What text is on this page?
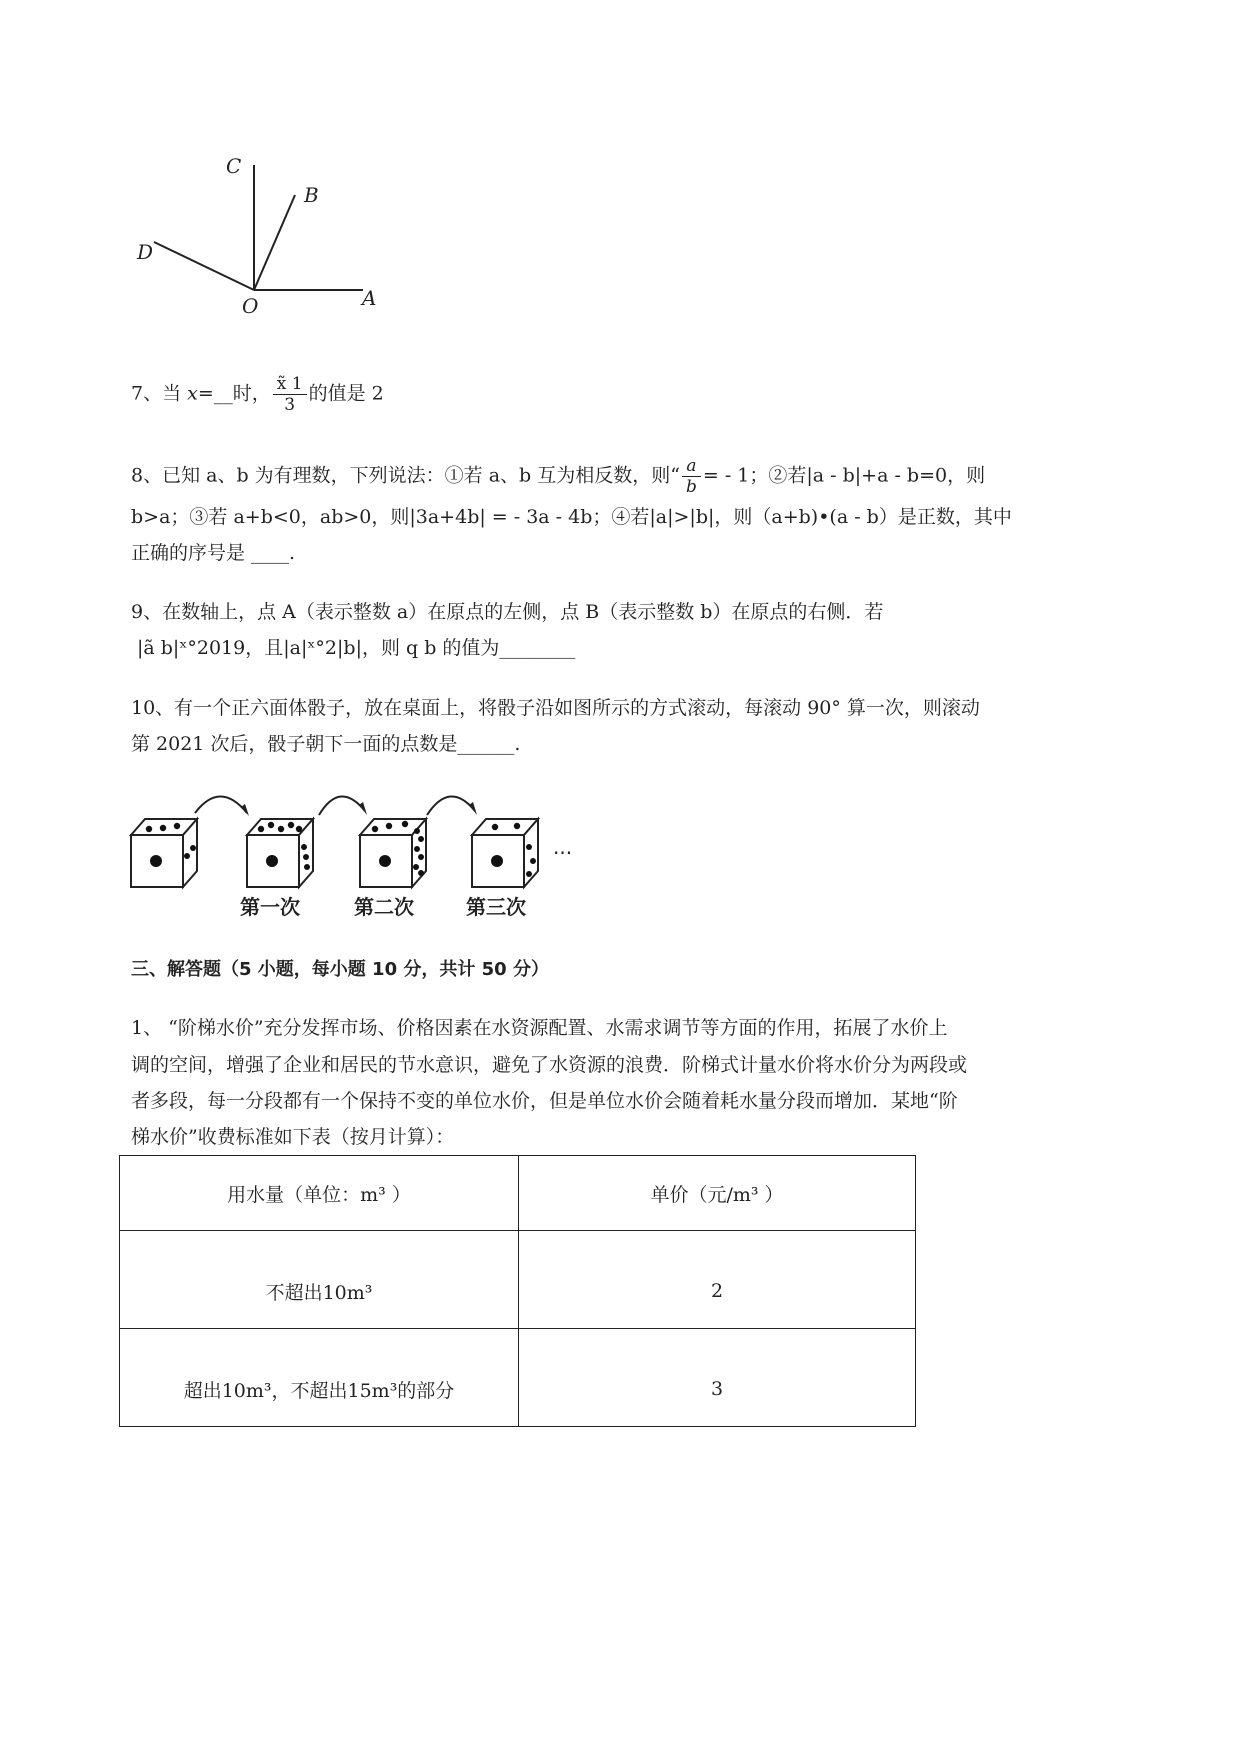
C
B
D
O	A
7、当 x=__时， $\frac{x̃ 1}{3}$ 的值是 2
8、已知 a、b 为有理数，下列说法：①若 a、b 互为相反数，则“ $\frac{a}{b}$ = - 1；②若|a - b|+a - b=0，则
b>a；③若 a+b<0，ab>0，则|3a+4b| = - 3a - 4b；④若|a|>|b|，则（a+b)•(a - b）是正数，其中
正确的序号是 ____.
9、在数轴上，点 A（表示整数 a）在原点的左侧，点 B（表示整数 b）在原点的右侧．若
|ã b|ˣ°2019，且|a|ˣ°2|b|，则 q b 的值为________
10、有一个正六面体骰子，放在桌面上，将骰子沿如图所示的方式滚动，每滚动 90° 算一次，则滚动
第 2021 次后，骰子朝下一面的点数是______.
···
第一次	第二次	第三次
三、解答题（5 小题，每小题 10 分，共计 50 分）
1、 “阶梯水价”充分发挥市场、价格因素在水资源配置、水需求调节等方面的作用，拓展了水价上
调的空间，增强了企业和居民的节水意识，避免了水资源的浪费．阶梯式计量水价将水价分为两段或
者多段，每一分段都有一个保持不变的单位水价，但是单位水价会随着耗水量分段而增加．某地“阶
梯水价”收费标准如下表（按月计算）：
用水量（单位：m³ ）	单价（元/m³ ）
不超出10m³	2
超出10m³，不超出15m³的部分	3
